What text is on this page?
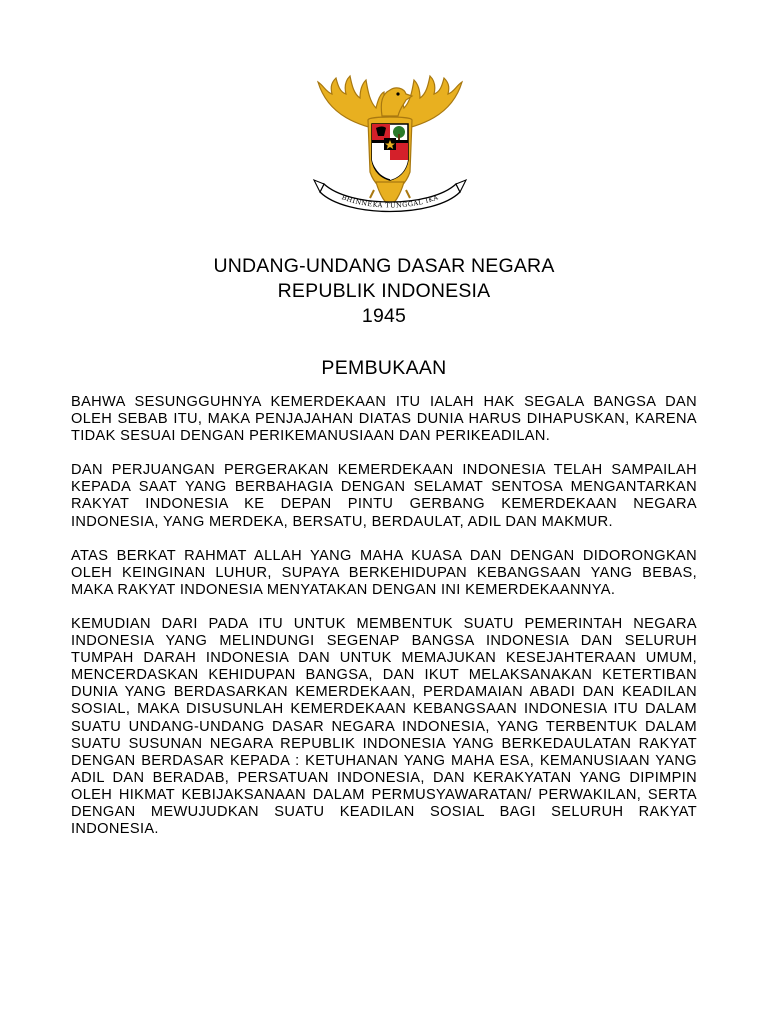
BHINNEKA TUNGGAL IKA
UNDANG-UNDANG DASAR NEGARA
REPUBLIK INDONESIA
1945
PEMBUKAAN

BAHWA SESUNGGUHNYA KEMERDEKAAN ITU IALAH HAK SEGALA BANGSA DAN OLEH SEBAB ITU, MAKA PENJAJAHAN DIATAS DUNIA HARUS DIHAPUSKAN, KARENA TIDAK SESUAI DENGAN PERIKEMANUSIAAN DAN PERIKEADILAN.

DAN PERJUANGAN PERGERAKAN KEMERDEKAAN INDONESIA TELAH SAMPAILAH KEPADA SAAT YANG BERBAHAGIA DENGAN SELAMAT SENTOSA MENGANTARKAN RAKYAT INDONESIA KE DEPAN PINTU GERBANG KEMERDEKAAN NEGARA INDONESIA, YANG MERDEKA, BERSATU, BERDAULAT, ADIL DAN MAKMUR.

ATAS BERKAT RAHMAT ALLAH YANG MAHA KUASA DAN DENGAN DIDORONGKAN OLEH KEINGINAN LUHUR, SUPAYA BERKEHIDUPAN KEBANGSAAN YANG BEBAS, MAKA RAKYAT INDONESIA MENYATAKAN DENGAN INI KEMERDEKAANNYA.

KEMUDIAN DARI PADA ITU UNTUK MEMBENTUK SUATU PEMERINTAH NEGARA INDONESIA YANG MELINDUNGI SEGENAP BANGSA INDONESIA DAN SELURUH TUMPAH DARAH INDONESIA DAN UNTUK MEMAJUKAN KESEJAHTERAAN UMUM, MENCERDASKAN KEHIDUPAN BANGSA, DAN IKUT MELAKSANAKAN KETERTIBAN DUNIA YANG BERDASARKAN KEMERDEKAAN, PERDAMAIAN ABADI DAN KEADILAN SOSIAL, MAKA DISUSUNLAH KEMERDEKAAN KEBANGSAAN INDONESIA ITU DALAM SUATU UNDANG-UNDANG DASAR NEGARA INDONESIA, YANG TERBENTUK DALAM SUATU SUSUNAN NEGARA REPUBLIK INDONESIA YANG BERKEDAULATAN RAKYAT DENGAN BERDASAR KEPADA : KETUHANAN YANG MAHA ESA, KEMANUSIAAN YANG ADIL DAN BERADAB, PERSATUAN INDONESIA, DAN KERAKYATAN YANG DIPIMPIN OLEH HIKMAT KEBIJAKSANAAN DALAM PERMUSYAWARATAN/ PERWAKILAN, SERTA DENGAN MEWUJUDKAN SUATU KEADILAN SOSIAL BAGI SELURUH RAKYAT INDONESIA.
